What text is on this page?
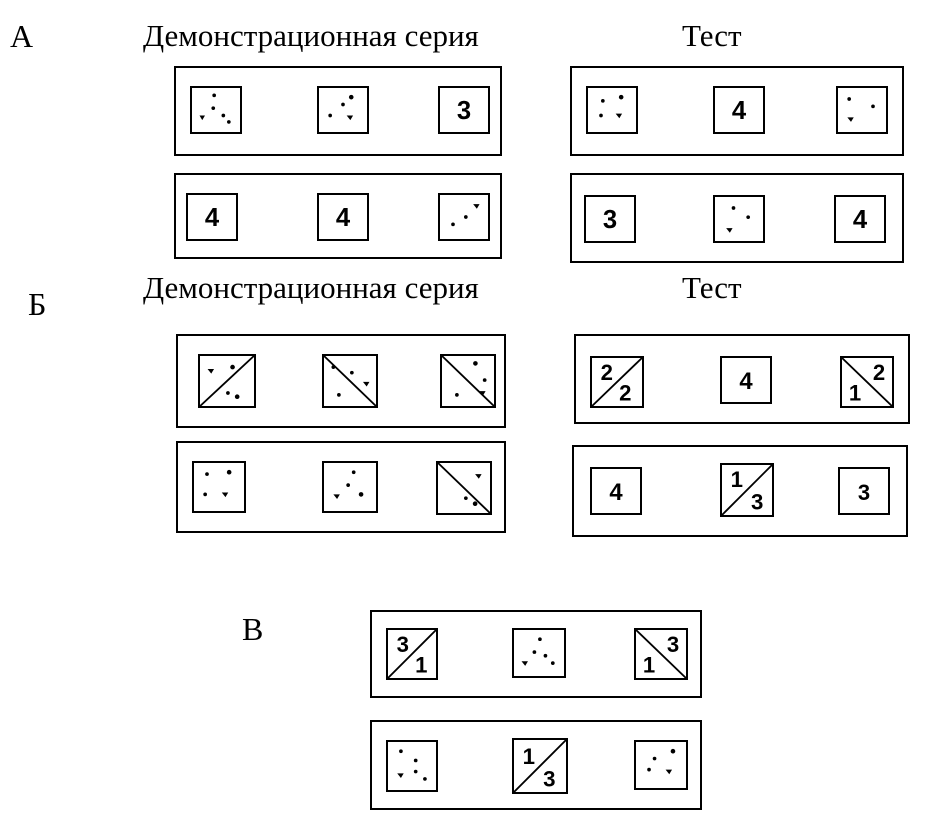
А	Демонстрационная серия	Тест
Б	Демонстрационная серия	Тест
В
3	4
4	4	3	4
2
2	4	2
1
4	1
3	3
3
1
3
1
1
3
